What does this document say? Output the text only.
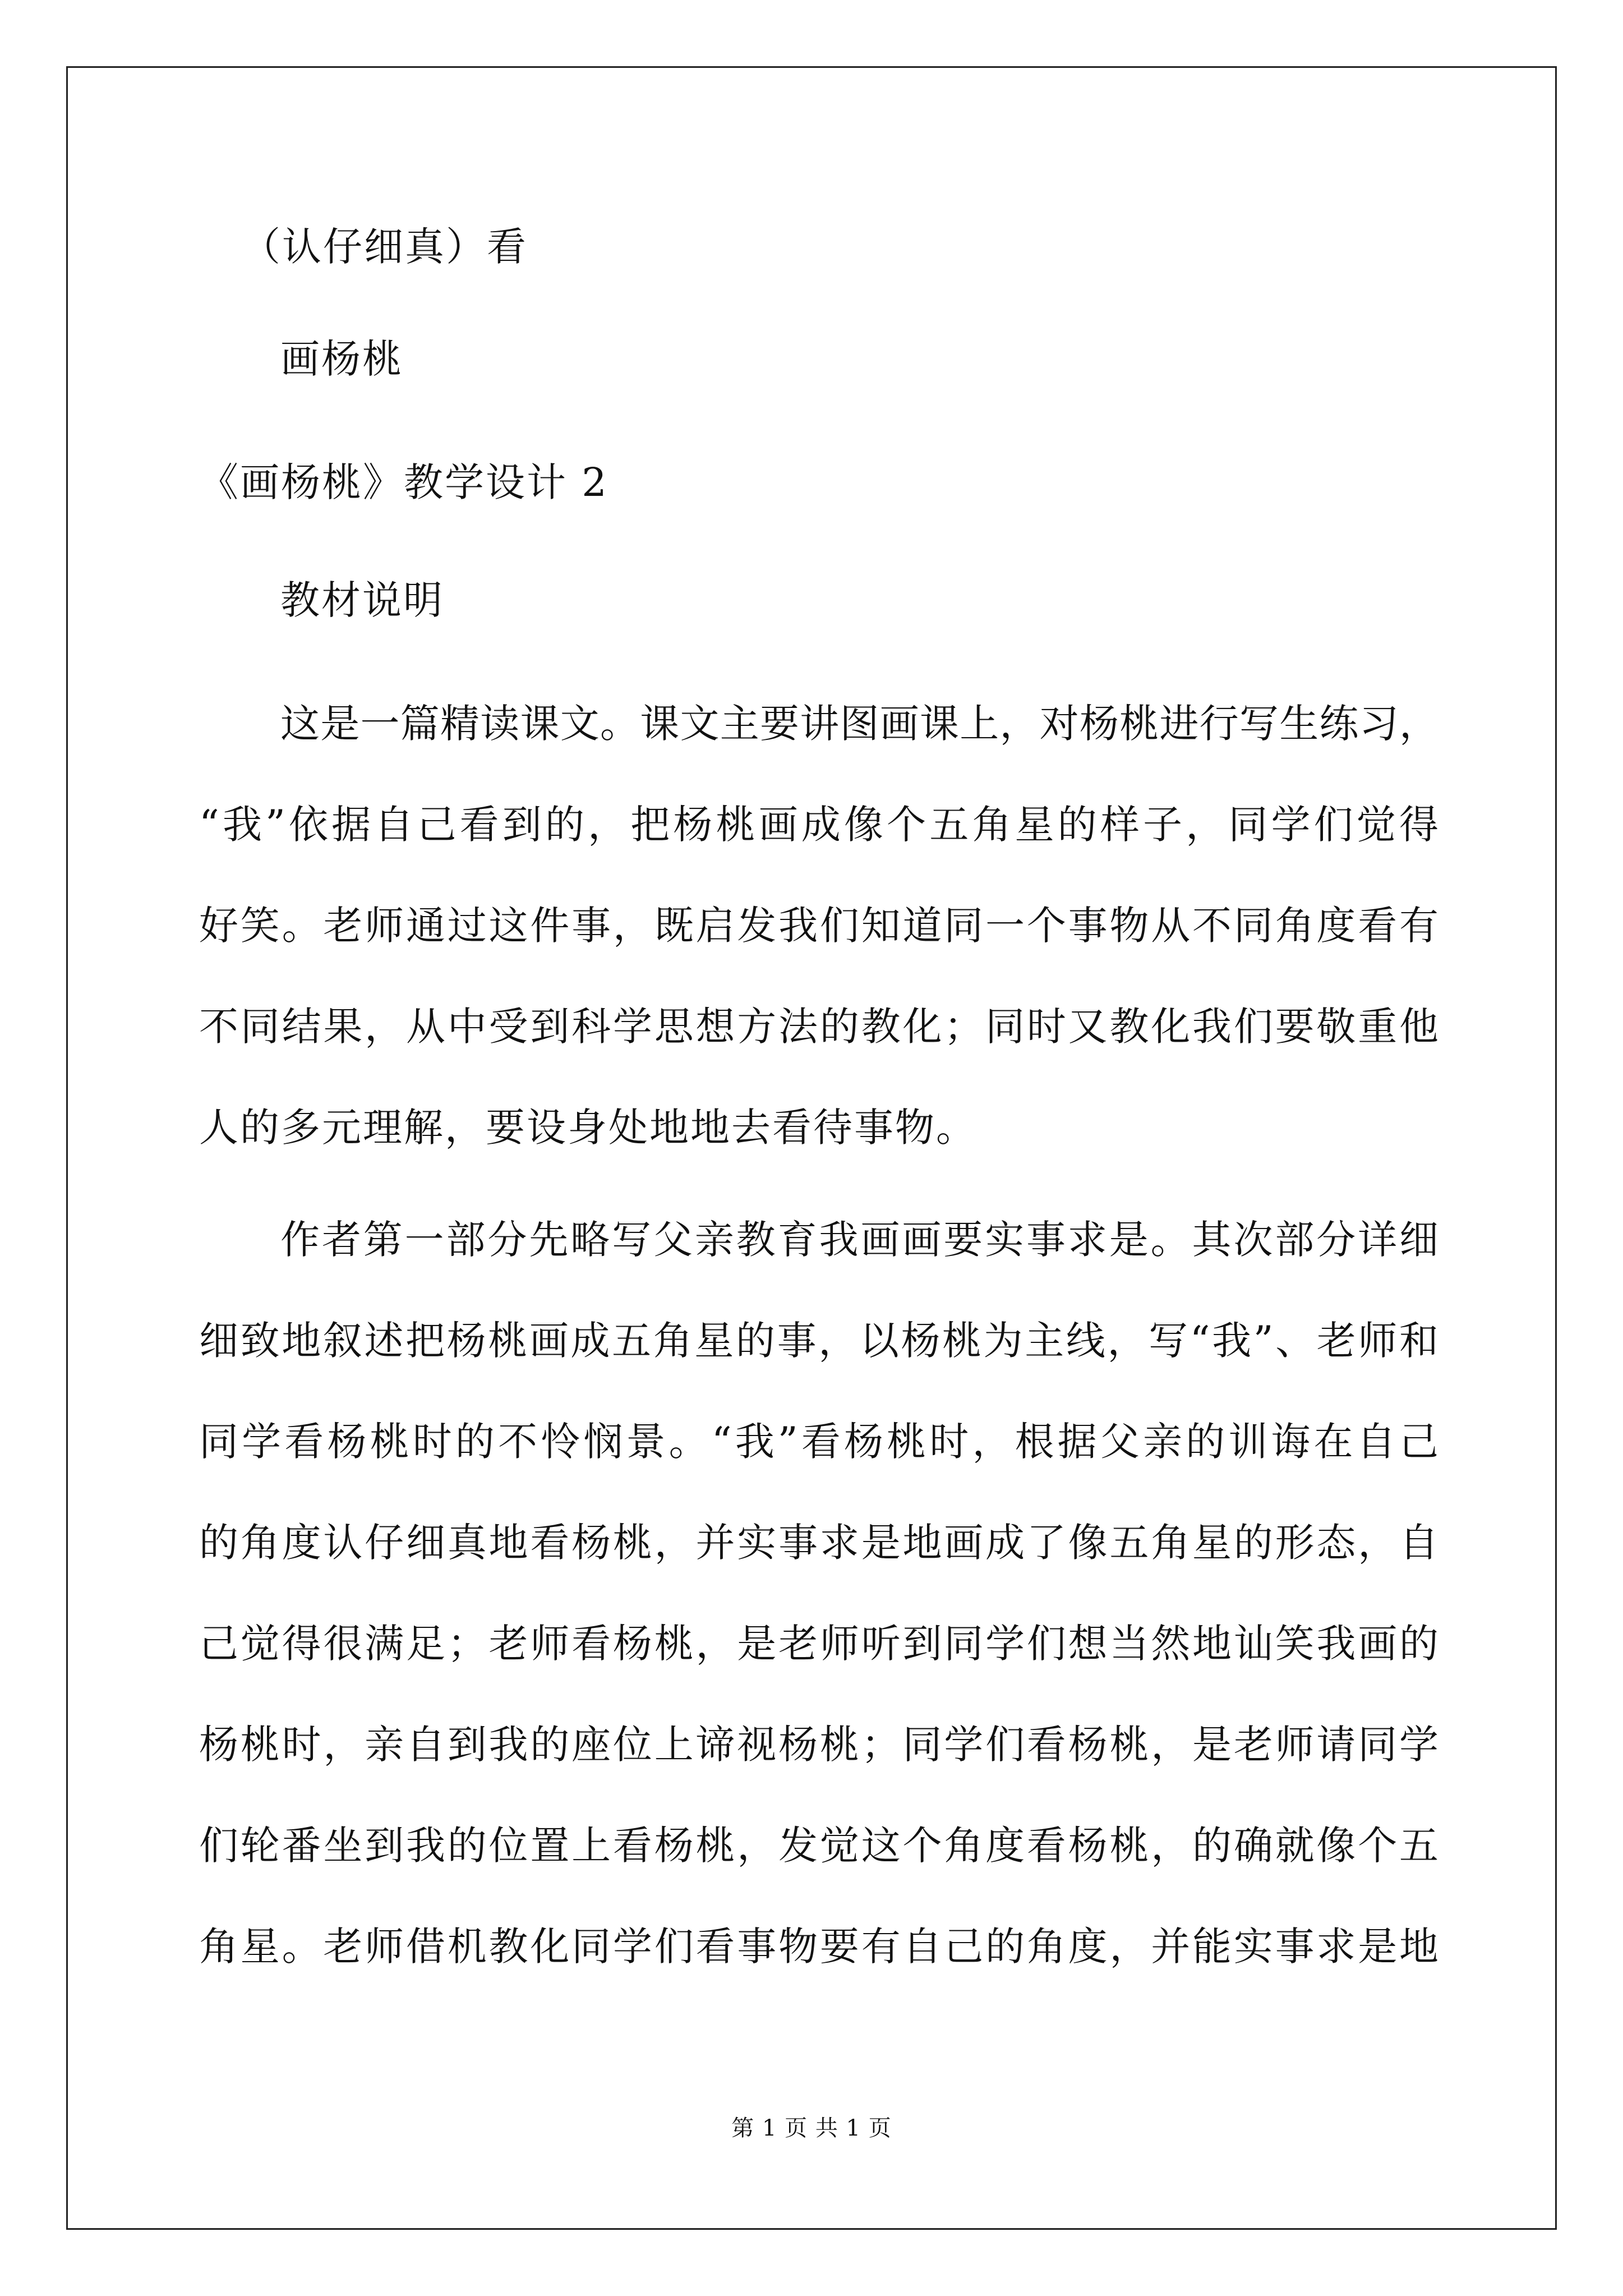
（认仔细真）看
画杨桃
《画杨桃》教学设计 2
教材说明
这是一篇精读课文。课文主要讲图画课上，对杨桃进行写生练习，
“我”依据自己看到的，把杨桃画成像个五角星的样子，同学们觉得
好笑。老师通过这件事，既启发我们知道同一个事物从不同角度看有
不同结果，从中受到科学思想方法的教化；同时又教化我们要敬重他
人的多元理解，要设身处地地去看待事物。
作者第一部分先略写父亲教育我画画要实事求是。其次部分详细
细致地叙述把杨桃画成五角星的事，以杨桃为主线，写“我”、老师和
同学看杨桃时的不怜悯景。“我”看杨桃时，根据父亲的训诲在自己
的角度认仔细真地看杨桃，并实事求是地画成了像五角星的形态，自
己觉得很满足；老师看杨桃，是老师听到同学们想当然地讪笑我画的
杨桃时，亲自到我的座位上谛视杨桃；同学们看杨桃，是老师请同学
们轮番坐到我的位置上看杨桃，发觉这个角度看杨桃，的确就像个五
第 1 页 共 1 页
角星。老师借机教化同学们看事物要有自己的角度，并能实事求是地
